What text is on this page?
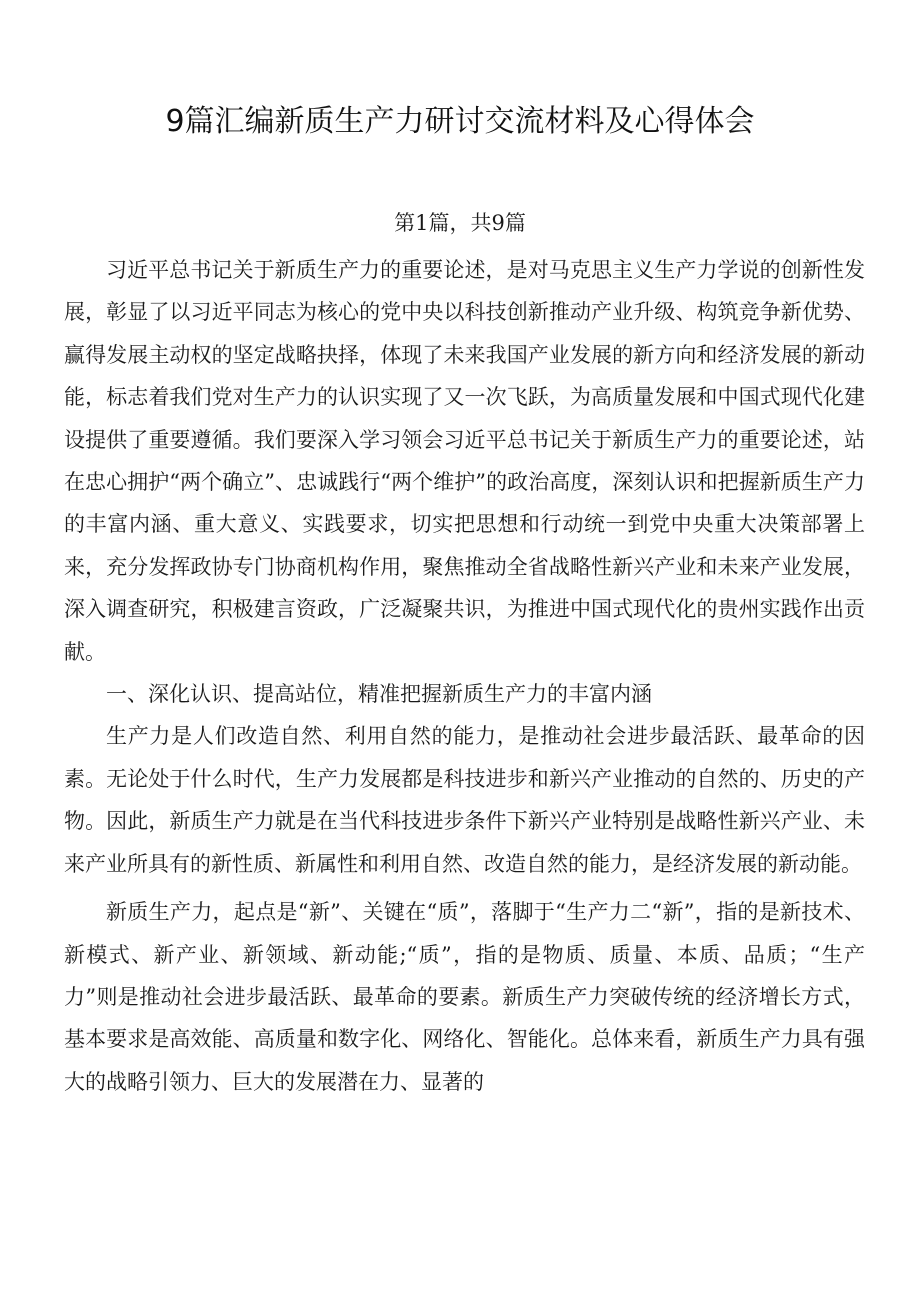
9篇汇编新质生产力研讨交流材料及心得体会
第1篇，共9篇

习近平总书记关于新质生产力的重要论述，是对马克思主义生产力学说的创新性发展，彰显了以习近平同志为核心的党中央以科技创新推动产业升级、构筑竞争新优势、赢得发展主动权的坚定战略抉择，体现了未来我国产业发展的新方向和经济发展的新动能，标志着我们党对生产力的认识实现了又一次飞跃，为高质量发展和中国式现代化建设提供了重要遵循。我们要深入学习领会习近平总书记关于新质生产力的重要论述，站在忠心拥护“两个确立”、忠诚践行“两个维护”的政治高度，深刻认识和把握新质生产力的丰富内涵、重大意义、实践要求，切实把思想和行动统一到党中央重大决策部署上来，充分发挥政协专门协商机构作用，聚焦推动全省战略性新兴产业和未来产业发展，深入调查研究，积极建言资政，广泛凝聚共识，为推进中国式现代化的贵州实践作出贡献。

一、深化认识、提高站位，精准把握新质生产力的丰富内涵

生产力是人们改造自然、利用自然的能力，是推动社会进步最活跃、最革命的因素。无论处于什么时代，生产力发展都是科技进步和新兴产业推动的自然的、历史的产物。因此，新质生产力就是在当代科技进步条件下新兴产业特别是战略性新兴产业、未来产业所具有的新性质、新属性和利用自然、改造自然的能力，是经济发展的新动能。

新质生产力，起点是“新”、关键在“质”，落脚于“生产力二“新”，指的是新技术、新模式、新产业、新领域、新动能;“质”，指的是物质、质量、本质、品质；“生产力”则是推动社会进步最活跃、最革命的要素。新质生产力突破传统的经济增长方式，基本要求是高效能、高质量和数字化、网络化、智能化。总体来看，新质生产力具有强大的战略引领力、巨大的发展潜在力、显著的
